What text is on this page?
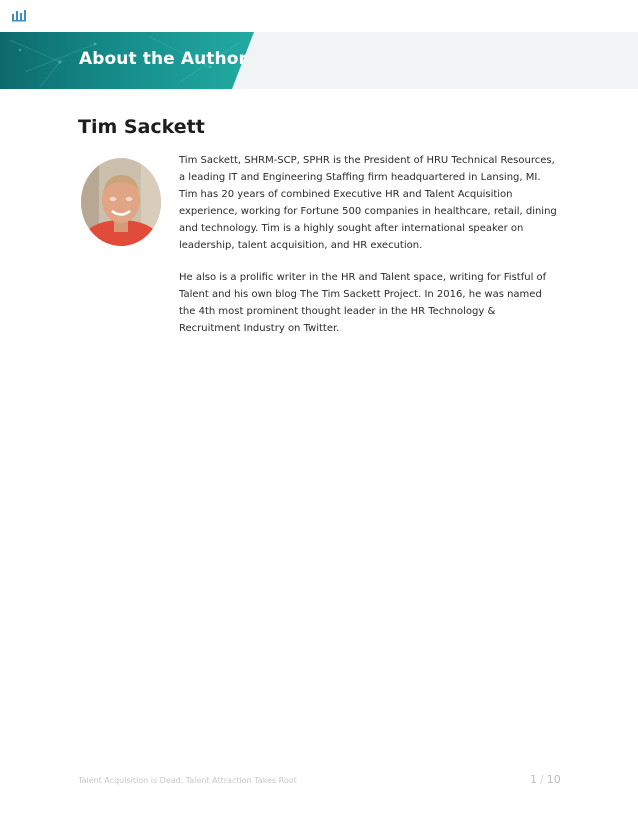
About the Author
Tim Sackett

Tim Sackett, SHRM-SCP, SPHR is the President of HRU Technical Resources, a leading IT and Engineering Staffing firm headquartered in Lansing, MI. Tim has 20 years of combined Executive HR and Talent Acquisition experience, working for Fortune 500 companies in healthcare, retail, dining and technology. Tim is a highly sought after international speaker on leadership, talent acquisition, and HR execution.

He also is a prolific writer in the HR and Talent space, writing for Fistful of Talent and his own blog The Tim Sackett Project. In 2016, he was named the 4th most prominent thought leader in the HR Technology & Recruitment Industry on Twitter.

Talent Acquisition is Dead. Talent Attraction Takes Root	1 / 10
